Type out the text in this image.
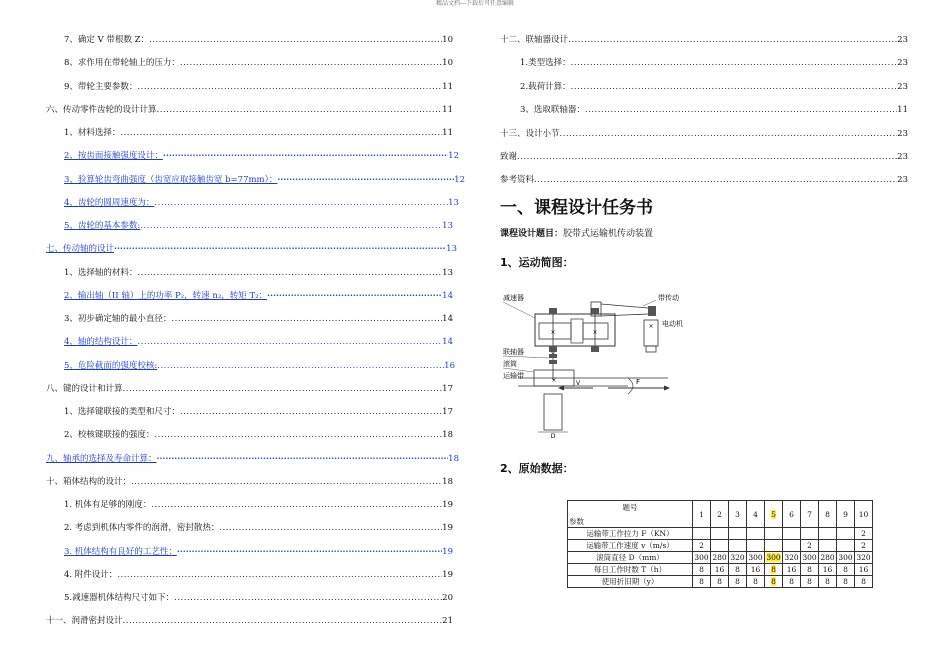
精品文档---下载后可任意编辑
7、确定 V 带根数 Z： .....	10
8、求作用在带轮轴上的压力： .....	10
9、带轮主要参数： .....	11
六、传动零件齿轮的设计计算 .....	11
1、材料选择： .....	11
2、按齿面接触强度设计： ·····	12
3、验算轮齿弯曲强度（齿宽应取接触齿宽 b=77mm）： ·····	12
4、齿轮的圆周速度为： .....	13
5、齿轮的基本参数: .....	13
七、传动轴的设计 ·····	13
1、选择轴的材料： .....	13
2、输出轴（II 轴）上的功率 P₂，转速 n₂，转矩 T₂： ·····	14
3、初步确定轴的最小直径： .....	14
4、轴的结构设计： .....	14
5、危险截面的强度校核: .....	16
八、键的设计和计算 .....	17
1、选择键联接的类型和尺寸： .....	17
2、校核键联接的强度： .....	18
九、轴承的选择及寿命计算： ·····	18
十、箱体结构的设计： .....	18
1. 机体有足够的刚度： .....	19
2. 考虑到机体内零件的润滑，密封散热： .....	19
3. 机体结构有良好的工艺性： ·····	19
4. 附件设计： .....	19
5.减速器机体结构尺寸如下： .....	20
十一、润滑密封设计 .....	21
十二、联轴器设计 .....	23
1.类型选择： .....	23
2.载荷计算： .....	23
3、选取联轴器： .....	11
十三、设计小节 .....	23
致谢 .....	23
参考资料 .....	23
一、课程设计任务书
课程设计题目：胶带式运输机传动装置
1、运动简图：
×	×
×
×	V	F
D
减速器	带传动
电动机
联轴器
滚筒
运输带
2、原始数据：
题号
参数	1	2	3	4	5	6	7	8	9	10
运输带工作拉力 F（KN）										2
运输带工作速度 v（m/s）	2						2			2
滚筒直径 D（mm）	300	280	320	300	300	320	300	280	300	320
每日工作时数 T（h）	8	16	8	16	8	16	8	16	8	16
使用折旧期（y）	8	8	8	8	8	8	8	8	8	8
